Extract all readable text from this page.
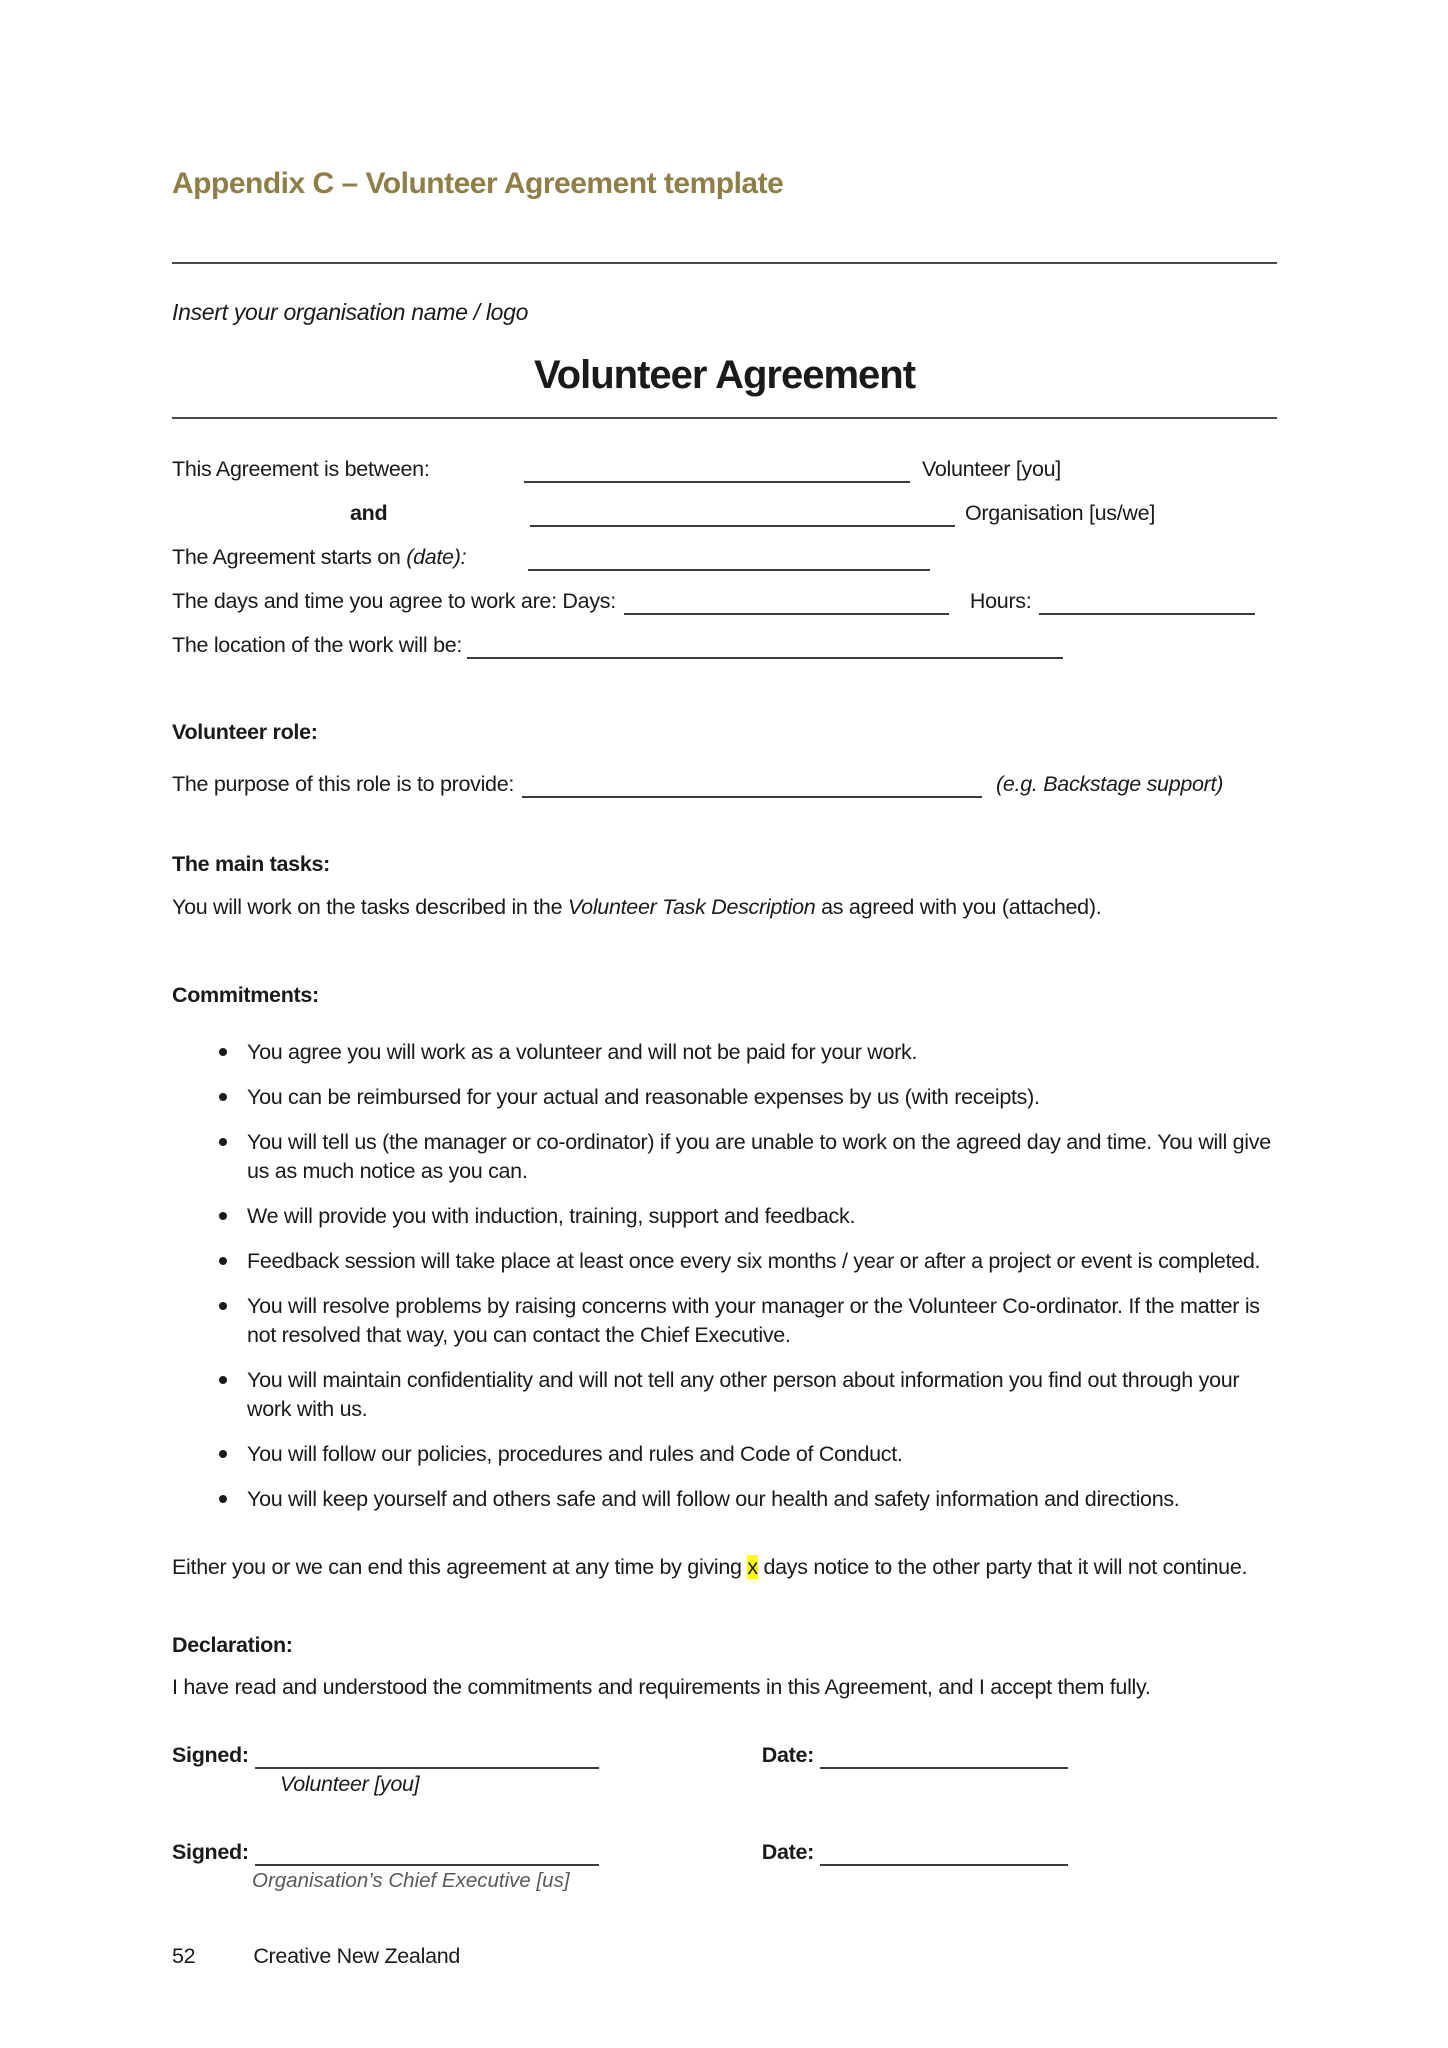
Appendix C – Volunteer Agreement template
Insert your organisation name / logo
Volunteer Agreement
This Agreement is between:	Volunteer [you]
and	Organisation [us/we]
The Agreement starts on (date):
The days and time you agree to work are: Days:	Hours:
The location of the work will be:
Volunteer role:
The purpose of this role is to provide:	(e.g. Backstage support)
The main tasks:
You will work on the tasks described in the Volunteer Task Description as agreed with you (attached).
Commitments:
You agree you will work as a volunteer and will not be paid for your work.
You can be reimbursed for your actual and reasonable expenses by us (with receipts).
You will tell us (the manager or co-ordinator) if you are unable to work on the agreed day and time. You will give us as much notice as you can.
We will provide you with induction, training, support and feedback.
Feedback session will take place at least once every six months / year or after a project or event is completed.
You will resolve problems by raising concerns with your manager or the Volunteer Co-ordinator. If the matter is not resolved that way, you can contact the Chief Executive.
You will maintain confidentiality and will not tell any other person about information you find out through your work with us.
You will follow our policies, procedures and rules and Code of Conduct.
You will keep yourself and others safe and will follow our health and safety information and directions.
Either you or we can end this agreement at any time by giving x days notice to the other party that it will not continue.
Declaration:
I have read and understood the commitments and requirements in this Agreement, and I accept them fully.
Signed:	Date:
Volunteer [you]
Signed:	Date:
Organisation’s Chief Executive [us]
52	Creative New Zealand
